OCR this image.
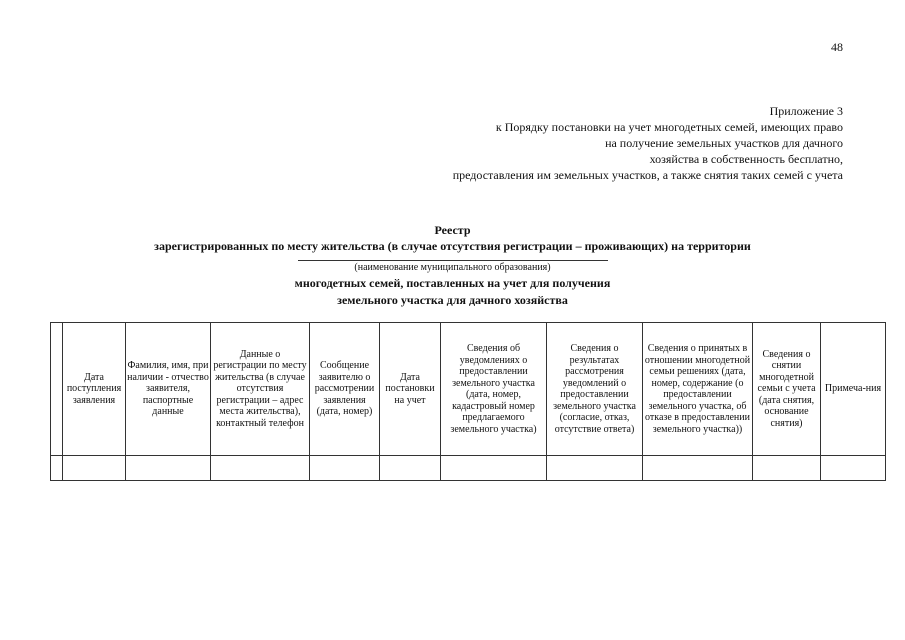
48
Приложение 3
к Порядку постановки на учет многодетных семей, имеющих право
на получение земельных участков для дачного
хозяйства в собственность бесплатно,
предоставления им земельных участков, а также снятия таких семей с учета
Реестр
зарегистрированных по месту жительства (в случае отсутствия регистрации – проживающих) на территории
(наименование муниципального образования)
многодетных семей, поставленных на учет для получения
земельного участка для дачного хозяйства
	Дата поступления заявления	Фамилия, имя, при наличии - отчество заявителя, паспортные данные	Данные о регистрации по месту жительства (в случае отсутствия регистрации – адрес места жительства), контактный телефон	Сообщение заявителю о рассмотрении заявления (дата, номер)	Дата постановки на учет	Сведения об уведомлениях о предоставлении земельного участка (дата, номер, кадастровый номер предлагаемого земельного участка)	Сведения о результатах рассмотрения уведомлений о предоставлении земельного участка (согласие, отказ, отсутствие ответа)	Сведения о принятых в отношении многодетной семьи решениях (дата, номер, содержание (о предоставлении земельного участка, об отказе в предоставлении земельного участка))	Сведения о снятии многодетной семьи с учета (дата снятия, основание снятия)	Примеча-ния
